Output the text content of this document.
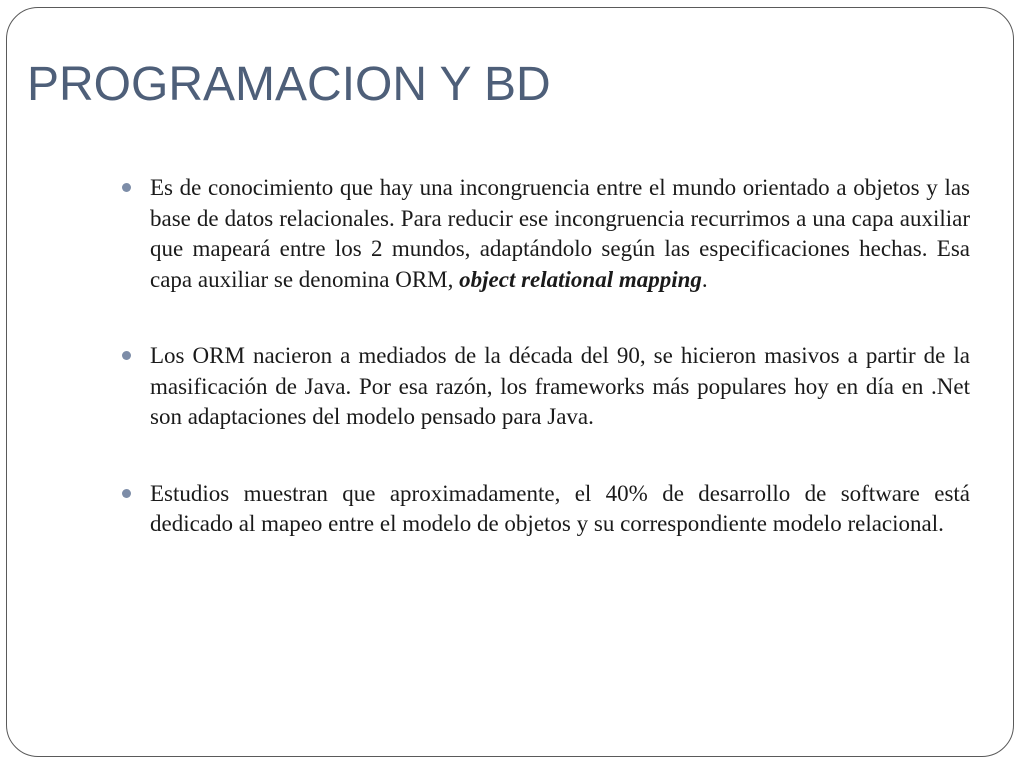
PROGRAMACION Y BD
Es de conocimiento que hay una incongruencia entre el mundo orientado a objetos y las base de datos relacionales. Para reducir ese incongruencia recurrimos a una capa auxiliar que mapeará entre los 2 mundos, adaptándolo según las especificaciones hechas. Esa capa auxiliar se denomina ORM, object relational mapping.
Los ORM nacieron a mediados de la década del 90, se hicieron masivos a partir de la masificación de Java. Por esa razón, los frameworks más populares hoy en día en .Net son adaptaciones del modelo pensado para Java.
Estudios muestran que aproximadamente, el 40% de desarrollo de software está dedicado al mapeo entre el modelo de objetos y su correspondiente modelo relacional.
